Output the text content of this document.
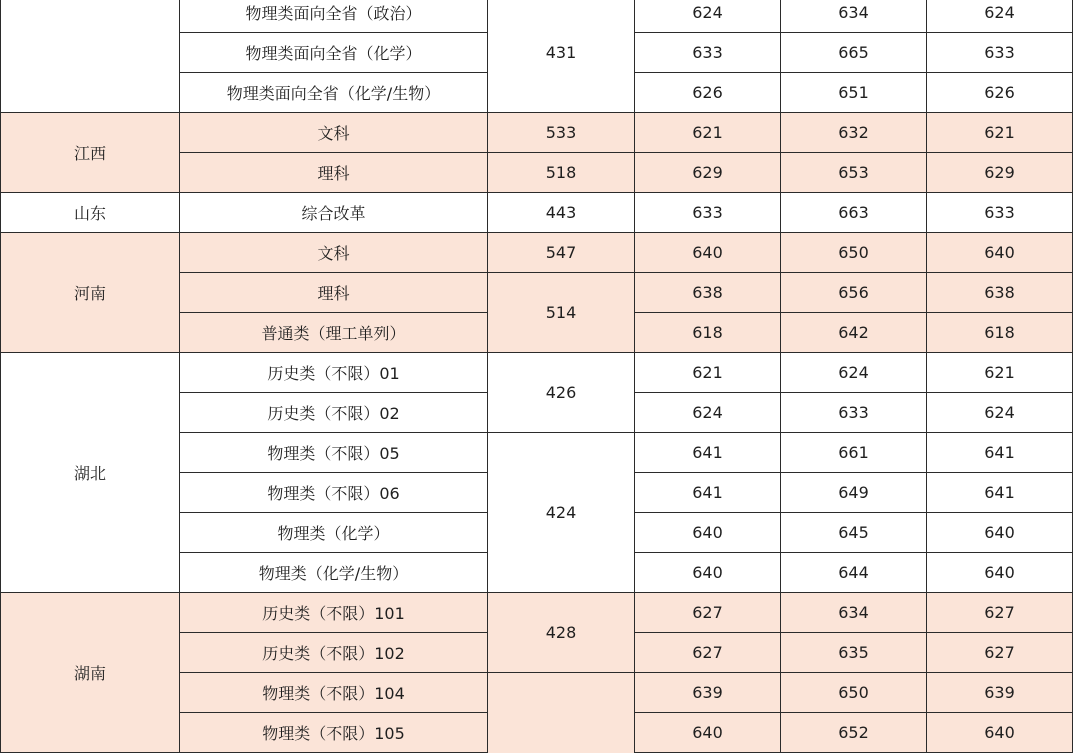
	物理类面向全省（政治）	431	624	634	624
	物理类面向全省（化学）		633	665	633
	物理类面向全省（化学/生物）		626	651	626
江西	文科	533	621	632	621
	理科	518	629	653	629
山东	综合改革	443	633	663	633
河南	文科	547	640	650	640
	理科	514	638	656	638
	普通类（理工单列）		618	642	618
湖北	历史类（不限）01	426	621	624	621
	历史类（不限）02		624	633	624
	物理类（不限）05	424	641	661	641
	物理类（不限）06		641	649	641
	物理类（化学）		640	645	640
	物理类（化学/生物）		640	644	640
湖南	历史类（不限）101	428	627	634	627
	历史类（不限）102		627	635	627
	物理类（不限）104		639	650	639
	物理类（不限）105		640	652	640
